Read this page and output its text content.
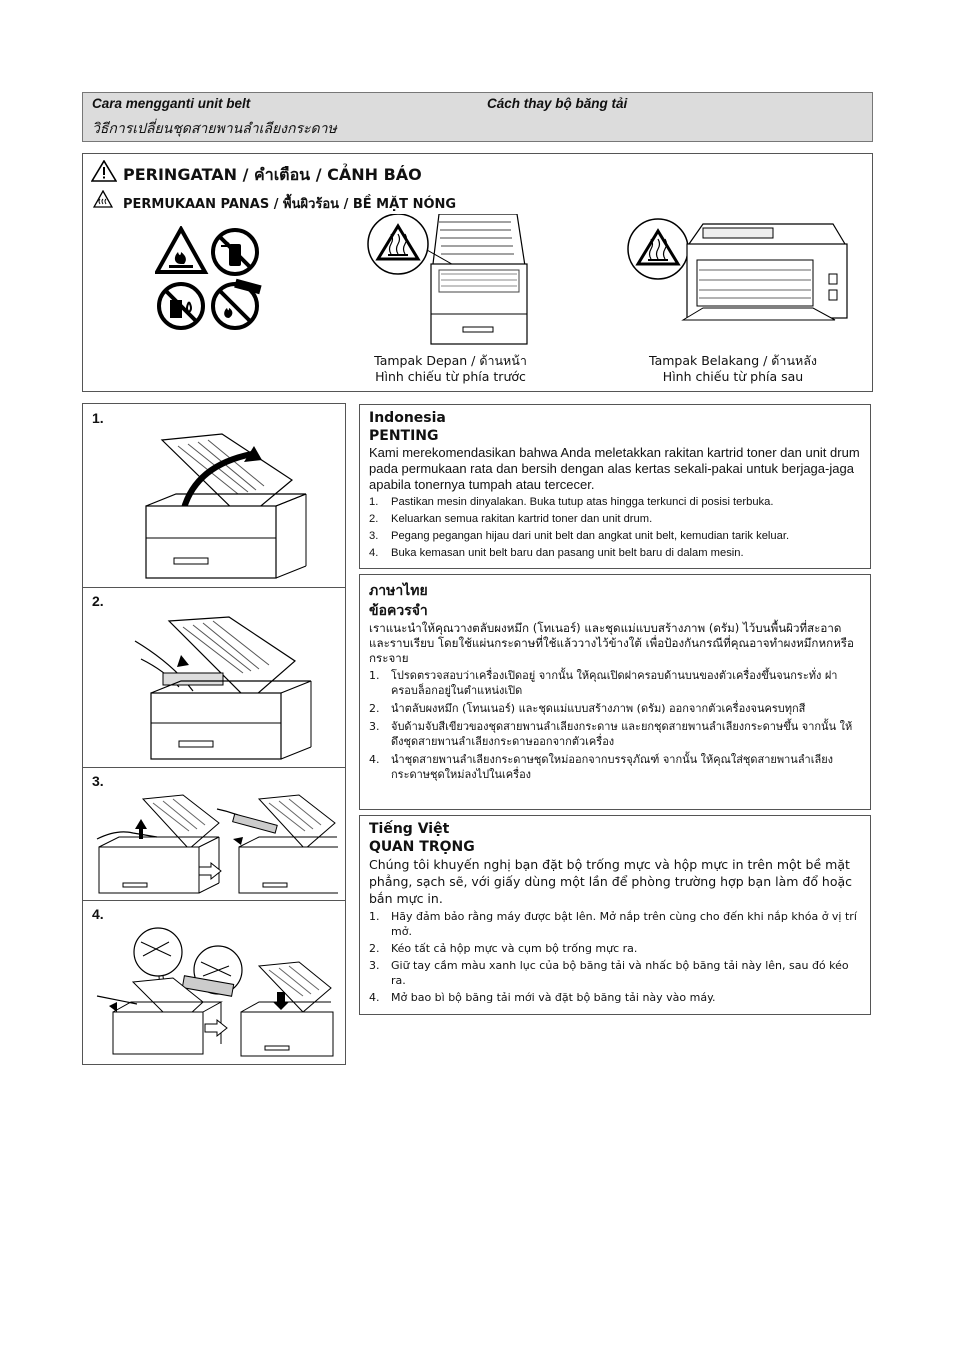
Cara mengganti unit belt	Cách thay bộ băng tải
วิธีการเปลี่ยนชุดสายพานลำเลียงกระดาษ
PERINGATAN / คำเตือน / CẢNH BÁO
PERMUKAAN PANAS / พื้นผิวร้อน / BỀ MẶT NÓNG
Tampak Depan / ด้านหน้า
Hình chiếu từ phía trước
Tampak Belakang / ด้านหลัง
Hình chiếu từ phía sau
1.
2.
3.
4.
Indonesia
PENTING

Kami merekomendasikan bahwa Anda meletakkan rakitan kartrid toner dan unit drum pada permukaan rata dan bersih dengan alas kertas sekali-pakai untuk berjaga-jaga apabila tonernya tumpah atau tercecer.

1. Pastikan mesin dinyalakan. Buka tutup atas hingga terkunci di posisi terbuka.
2. Keluarkan semua rakitan kartrid toner dan unit drum.
3. Pegang pegangan hijau dari unit belt dan angkat unit belt, kemudian tarik keluar.
4. Buka kemasan unit belt baru dan pasang unit belt baru di dalam mesin.
ภาษาไทย
ข้อควรจำ

เราแนะนำให้คุณวางตลับผงหมึก (โทเนอร์) และชุดแม่แบบสร้างภาพ (ดรัม) ไว้บนพื้นผิวที่สะอาดและราบเรียบ โดยใช้แผ่นกระดาษที่ใช้แล้ววางไว้ข้างใต้ เพื่อป้องกันกรณีที่คุณอาจทำผงหมึกหกหรือกระจาย

1. โปรดตรวจสอบว่าเครื่องเปิดอยู่ จากนั้น ให้คุณเปิดฝาครอบด้านบนของตัวเครื่องขึ้นจนกระทั่ง ฝาครอบล็อกอยู่ในตำแหน่งเปิด
2. นำตลับผงหมึก (โทนเนอร์) และชุดแม่แบบสร้างภาพ (ดรัม) ออกจากตัวเครื่องจนครบทุกสี
3. จับด้ามจับสีเขียวของชุดสายพานลำเลียงกระดาษ และยกชุดสายพานลำเลียงกระดาษขึ้น จากนั้น ให้ดึงชุดสายพานลำเลียงกระดาษออกจากตัวเครื่อง
4. นำชุดสายพานลำเลียงกระดาษชุดใหม่ออกจากบรรจุภัณฑ์ จากนั้น ให้คุณใส่ชุดสายพานลำเลียงกระดาษชุดใหม่ลงไปในเครื่อง
Tiếng Việt
QUAN TRỌNG

Chúng tôi khuyến nghị bạn đặt bộ trống mực và hộp mực in trên một bề mặt phẳng, sạch sẽ, với giấy dùng một lần để phòng trường hợp bạn làm đổ hoặc bắn mực in.

1. Hãy đảm bảo rằng máy được bật lên. Mở nắp trên cùng cho đến khi nắp khóa ở vị trí mở.
2. Kéo tất cả hộp mực và cụm bộ trống mực ra.
3. Giữ tay cầm màu xanh lục của bộ băng tải và nhấc bộ băng tải này lên, sau đó kéo ra.
4. Mở bao bì bộ băng tải mới và đặt bộ băng tải này vào máy.
